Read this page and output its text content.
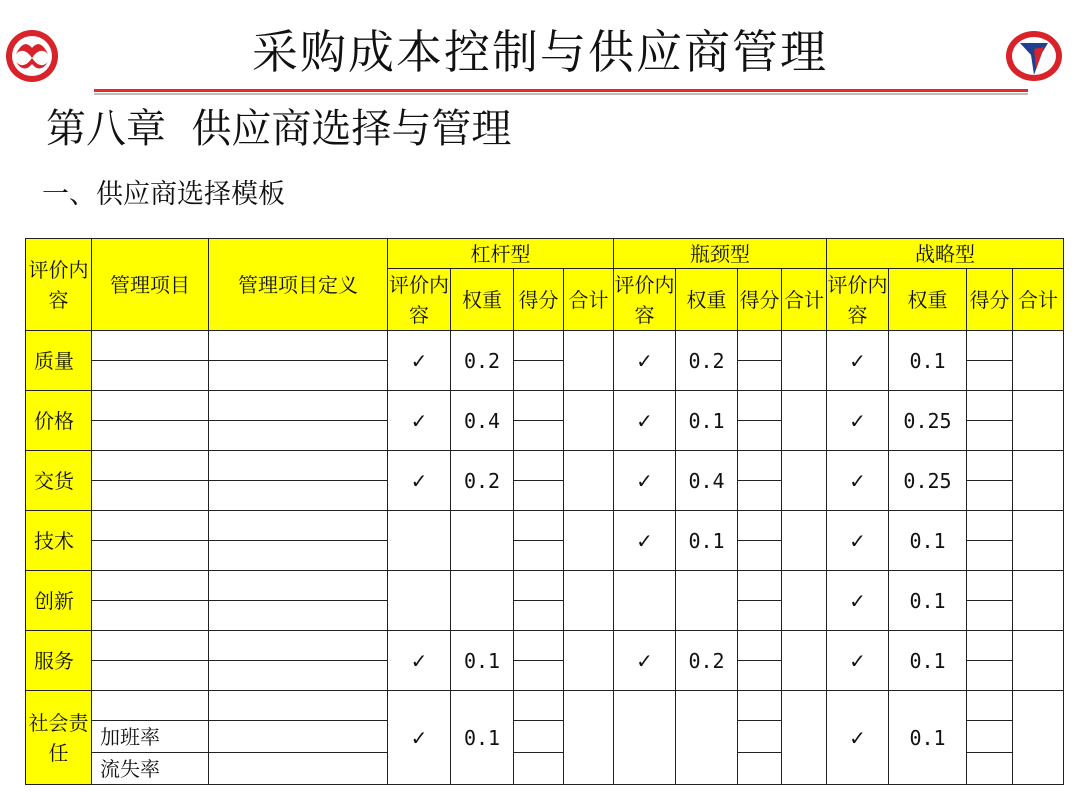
采购成本控制与供应商管理
第八章  供应商选择与管理
一、供应商选择模板
评价内容	管理项目	管理项目定义	杠杆型				瓶颈型				战略型			
			评价内容	权重	得分	合计	评价内容	权重	得分	合计	评价内容	权重	得分	合计
质量			✓	0.2			✓	0.2			✓	0.1		

价格			✓	0.4			✓	0.1			✓	0.25		

交货			✓	0.2			✓	0.4			✓	0.25		

技术							✓	0.1			✓	0.1		

创新											✓	0.1		

服务			✓	0.1			✓	0.2			✓	0.1		

社会责任			✓	0.1							✓	0.1		
	加班率													
	流失率													
